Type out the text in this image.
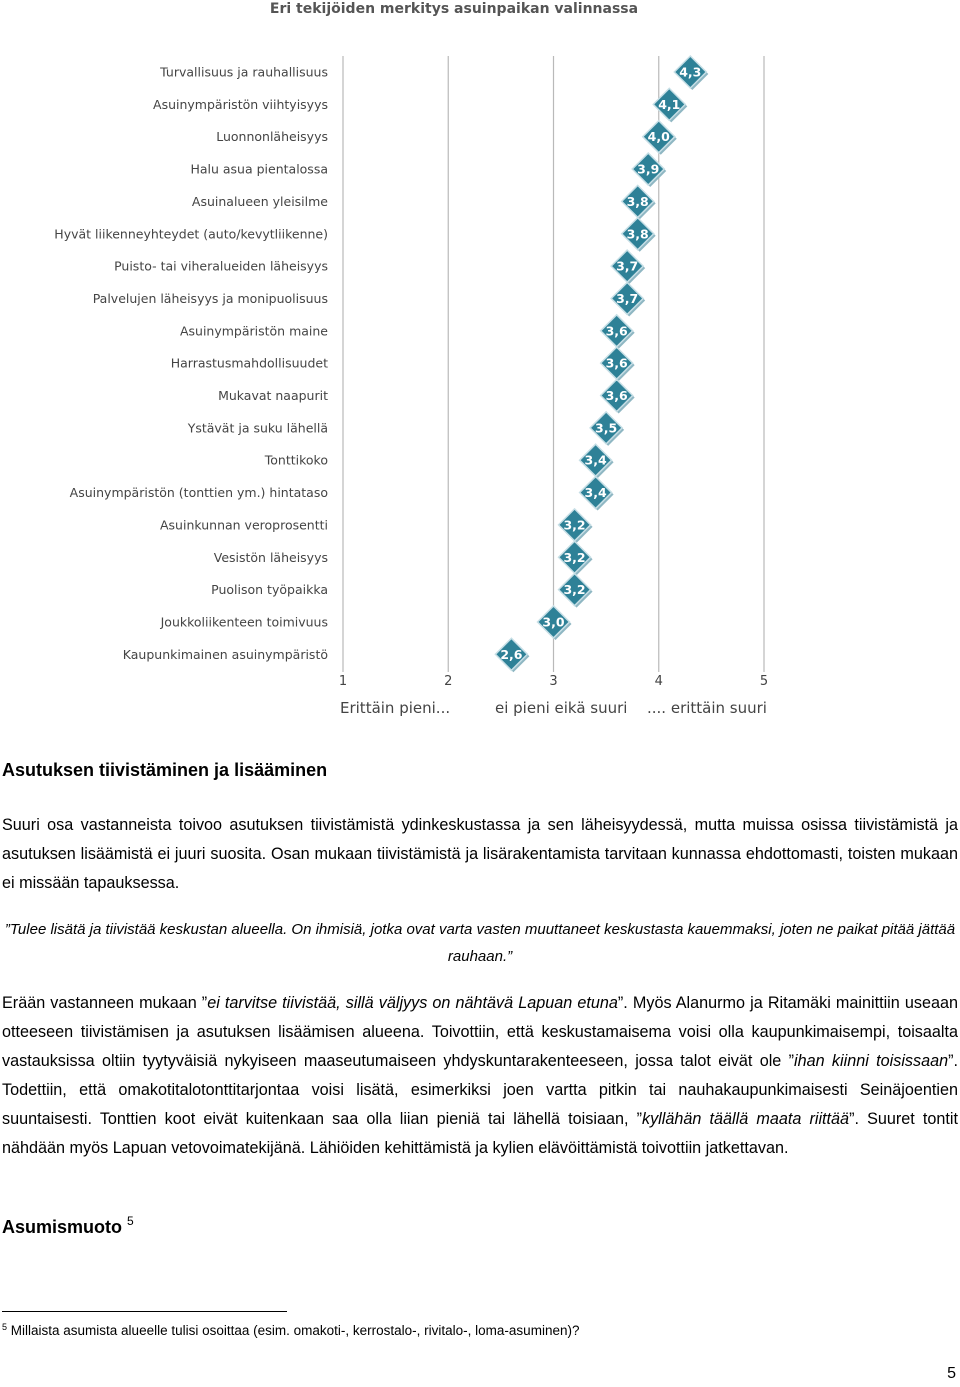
Eri tekijöiden merkitys asuinpaikan valinnassa
Turvallisuus ja rauhallisuus
Asuinympäristön viihtyisyys
Luonnonläheisyys
Halu asua pientalossa
Asuinalueen yleisilme
Hyvät liikenneyhteydet (auto/kevytliikenne)
Puisto- tai viheralueiden läheisyys
Palvelujen läheisyys ja monipuolisuus
Asuinympäristön maine
Harrastusmahdollisuudet
Mukavat naapurit
Ystävät ja suku lähellä
Tonttikoko
Asuinympäristön (tonttien ym.) hintataso
Asuinkunnan veroprosentti
Vesistön läheisyys
Puolison työpaikka
Joukkoliikenteen toimivuus
Kaupunkimainen asuinympäristö
1	2	3	4	5
4,3
4,1
4,0
3,9
3,8
3,8
3,7
3,7
3,6
3,6
3,6
3,5
3,4
3,4
3,2
3,2
3,2
3,0
2,6
Erittäin pieni...	ei pieni eikä suuri .... erittäin suuri
Asutuksen tiivistäminen ja lisääminen
Suuri osa vastanneista toivoo asutuksen tiivistämistä ydinkeskustassa ja sen läheisyydessä, mutta muissa osissa tiivistämistä ja asutuksen lisäämistä ei juuri suosita. Osan mukaan tiivistämistä ja lisärakentamista tarvitaan kunnassa ehdottomasti, toisten mukaan ei missään tapauksessa.
”Tulee lisätä ja tiivistää keskustan alueella. On ihmisiä, jotka ovat varta vasten muuttaneet keskustasta kauemmaksi, joten ne paikat pitää jättää rauhaan.”
Erään vastanneen mukaan ”ei tarvitse tiivistää, sillä väljyys on nähtävä Lapuan etuna”. Myös Alanurmo ja Ritamäki mainittiin useaan otteeseen tiivistämisen ja asutuksen lisäämisen alueena. Toivottiin, että keskustamaisema voisi olla kaupunkimaisempi, toisaalta vastauksissa oltiin tyytyväisiä nykyiseen maaseutumaiseen yhdyskuntarakenteeseen, jossa talot eivät ole ”ihan kiinni toisissaan”. Todettiin, että omakotitalotonttitarjontaa voisi lisätä, esimerkiksi joen vartta pitkin tai nauhakaupunkimaisesti Seinäjoentien suuntaisesti. Tonttien koot eivät kuitenkaan saa olla liian pieniä tai lähellä toisiaan, ”kyllähän täällä maata riittää”. Suuret tontit nähdään myös Lapuan vetovoimatekijänä. Lähiöiden kehittämistä ja kylien elävöittämistä toivottiin jatkettavan.
Asumismuoto $^5$
$^5$ Millaista asumista alueelle tulisi osoittaa (esim. omakoti-, kerrostalo-, rivitalo-, loma-asuminen)?
5
